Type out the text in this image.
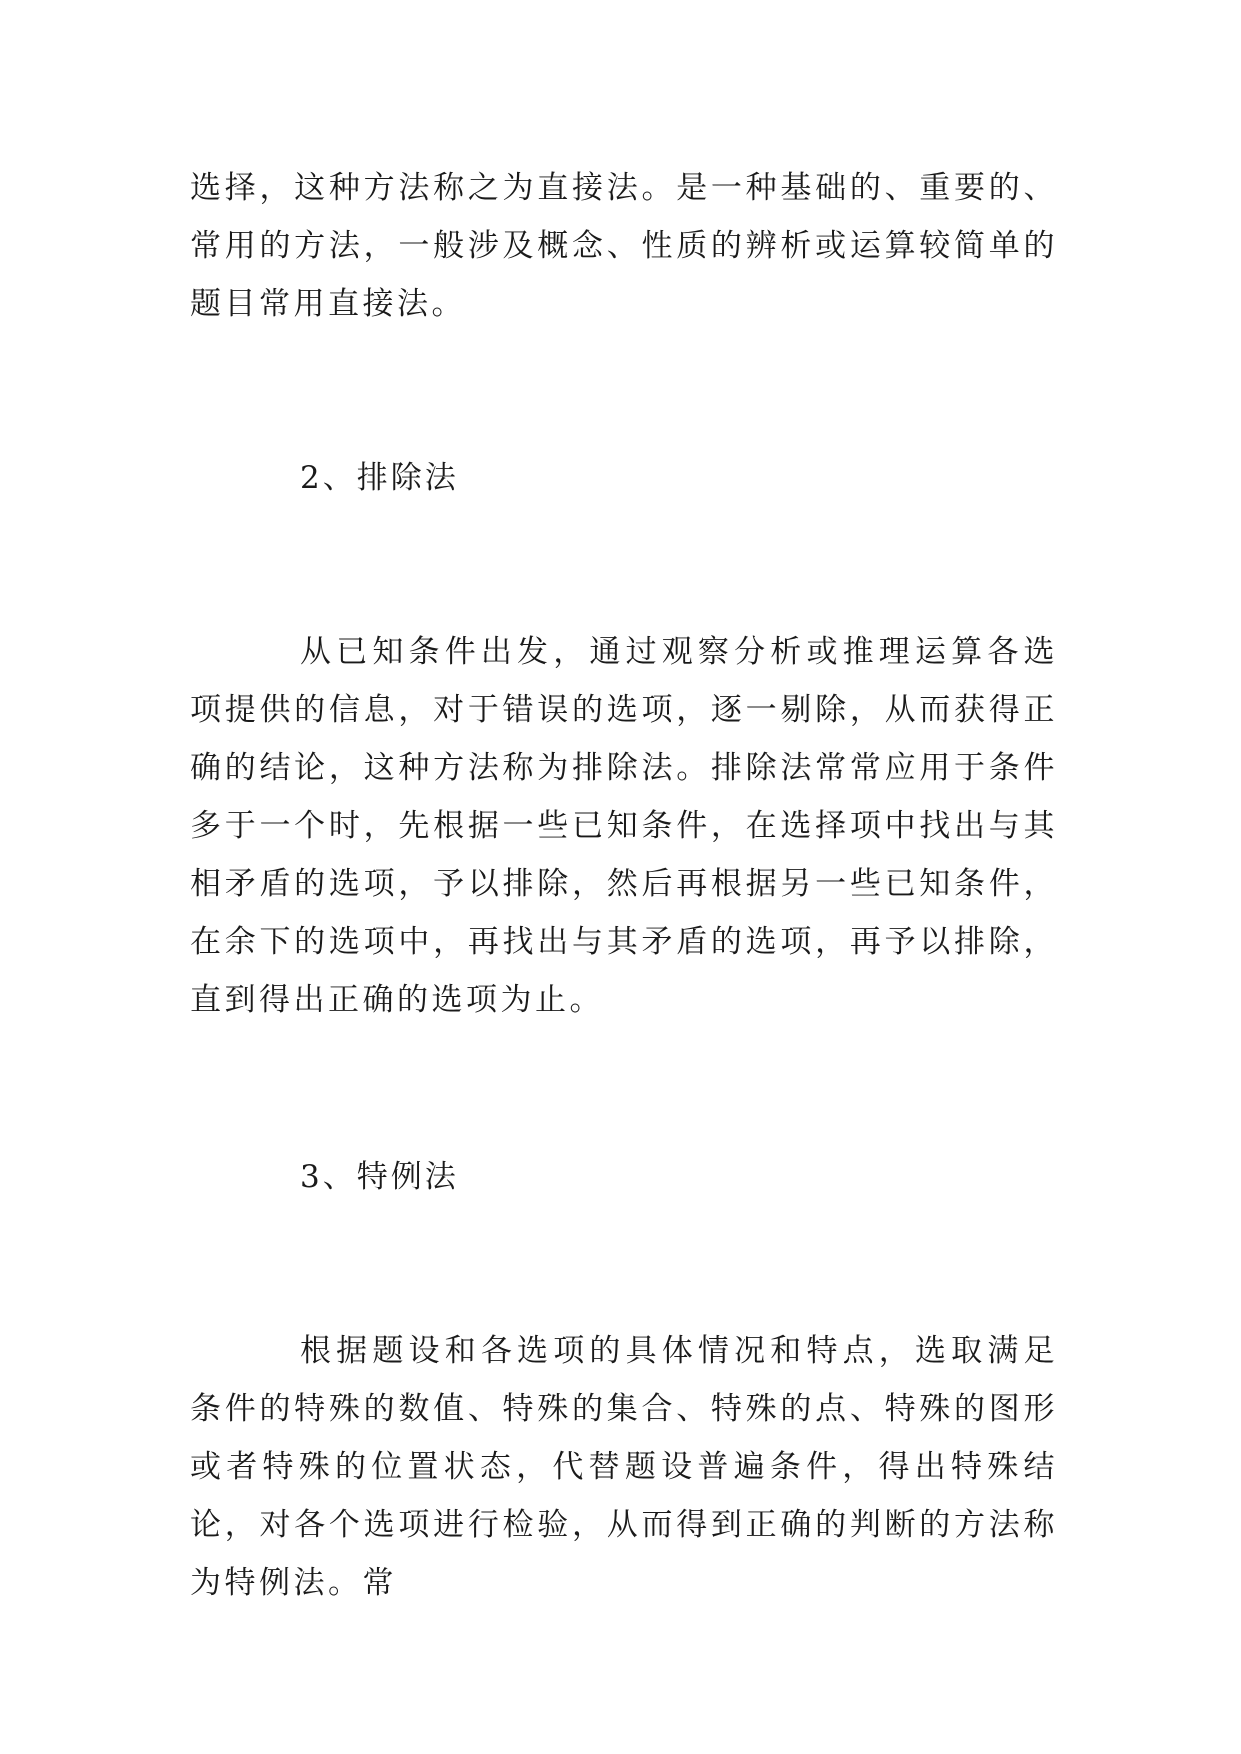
选择，这种方法称之为直接法。是一种基础的、重要的、常用的方法，一般涉及概念、性质的辨析或运算较简单的题目常用直接法。

2、排除法

从已知条件出发，通过观察分析或推理运算各选项提供的信息，对于错误的选项，逐一剔除，从而获得正确的结论，这种方法称为排除法。排除法常常应用于条件多于一个时，先根据一些已知条件，在选择项中找出与其相矛盾的选项，予以排除，然后再根据另一些已知条件，在余下的选项中，再找出与其矛盾的选项，再予以排除，直到得出正确的选项为止。

3、特例法

根据题设和各选项的具体情况和特点，选取满足条件的特殊的数值、特殊的集合、特殊的点、特殊的图形或者特殊的位置状态，代替题设普遍条件，得出特殊结论，对各个选项进行检验，从而得到正确的判断的方法称为特例法。常
